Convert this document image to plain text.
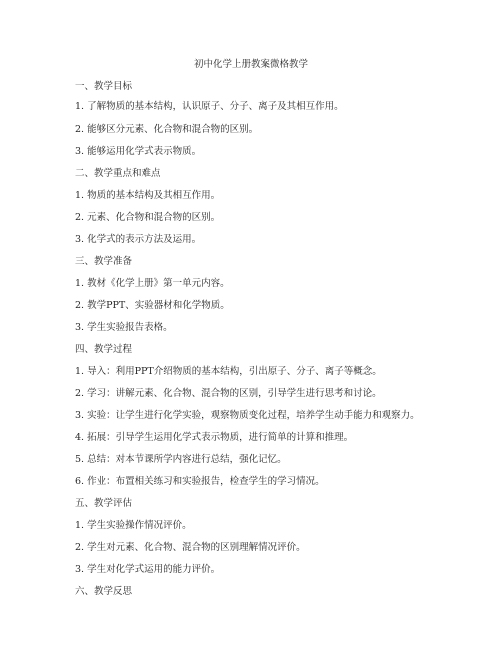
初中化学上册教案微格教学
一、教学目标
1. 了解物质的基本结构，认识原子、分子、离子及其相互作用。
2. 能够区分元素、化合物和混合物的区别。
3. 能够运用化学式表示物质。
二、教学重点和难点
1. 物质的基本结构及其相互作用。
2. 元素、化合物和混合物的区别。
3. 化学式的表示方法及运用。
三、教学准备
1. 教材《化学上册》第一单元内容。
2. 教学PPT、实验器材和化学物质。
3. 学生实验报告表格。
四、教学过程
1. 导入：利用PPT介绍物质的基本结构，引出原子、分子、离子等概念。
2. 学习：讲解元素、化合物、混合物的区别，引导学生进行思考和讨论。
3. 实验：让学生进行化学实验，观察物质变化过程，培养学生动手能力和观察力。
4. 拓展：引导学生运用化学式表示物质，进行简单的计算和推理。
5. 总结：对本节课所学内容进行总结，强化记忆。
6. 作业：布置相关练习和实验报告，检查学生的学习情况。
五、教学评估
1. 学生实验操作情况评价。
2. 学生对元素、化合物、混合物的区别理解情况评价。
3. 学生对化学式运用的能力评价。
六、教学反思
